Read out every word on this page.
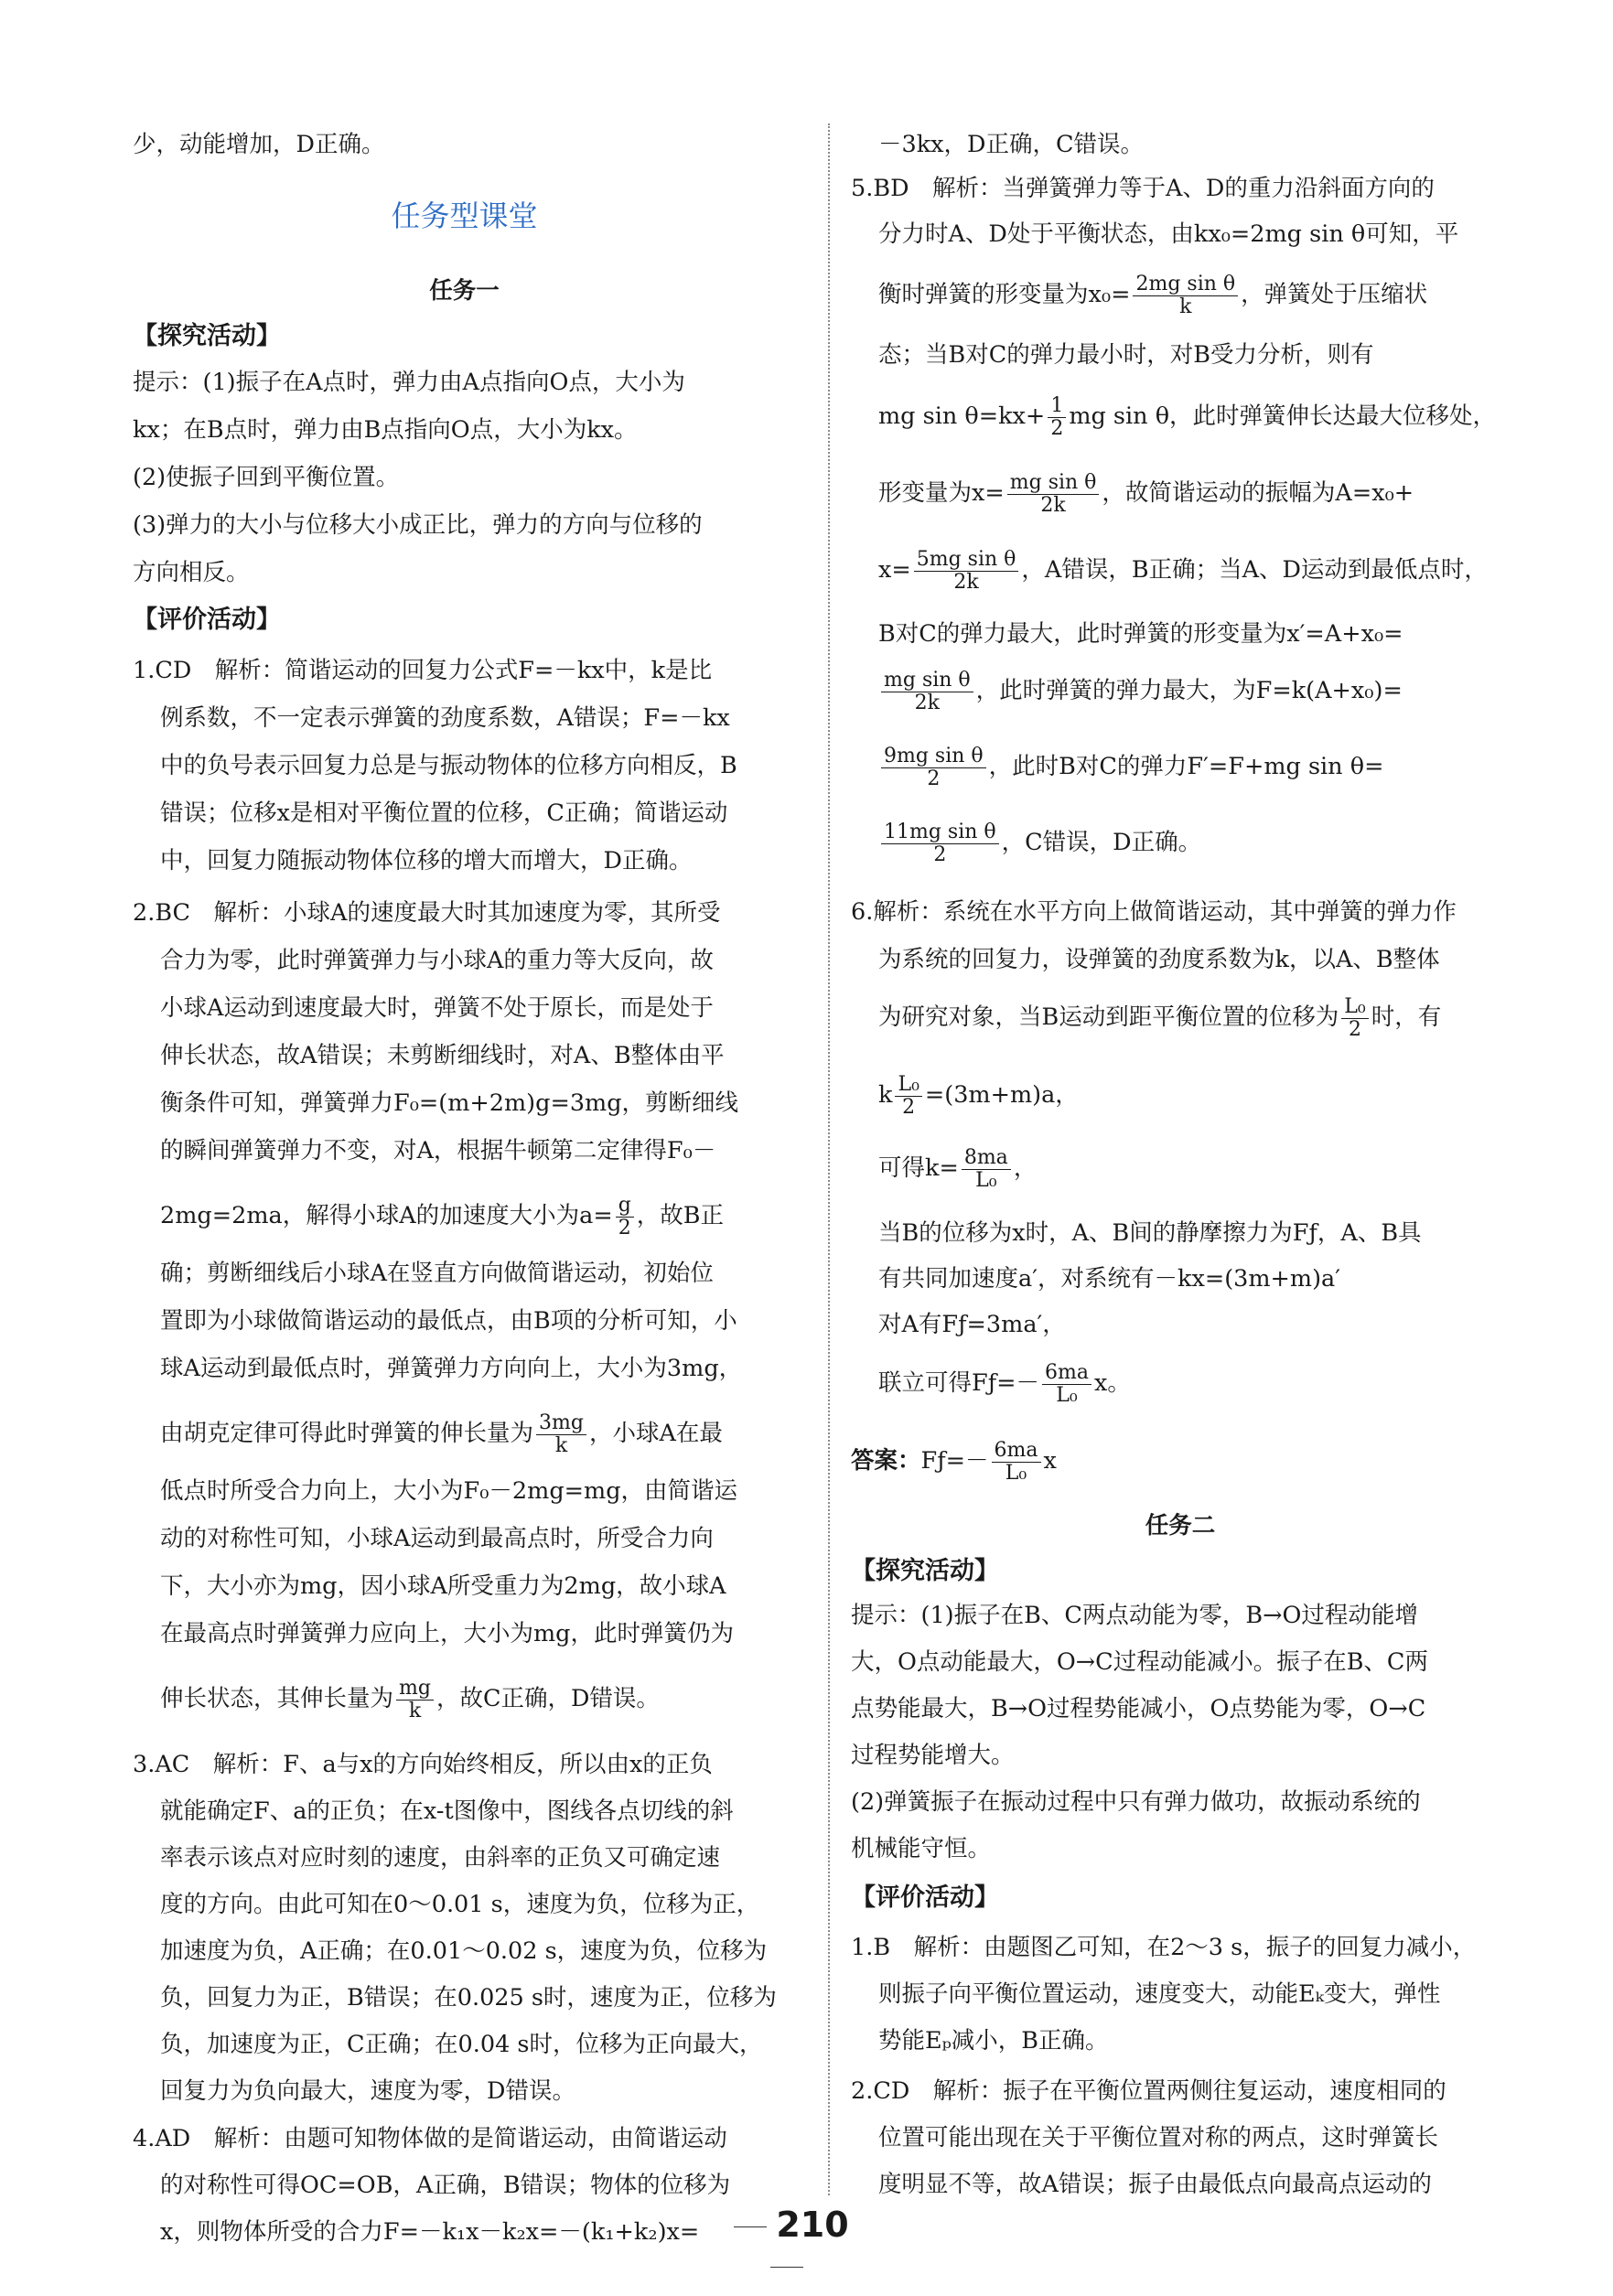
少，动能增加，D正确。
任务型课堂
任务一
【探究活动】
提示：(1)振子在A点时，弹力由A点指向O点，大小为
kx；在B点时，弹力由B点指向O点，大小为kx。
(2)使振子回到平衡位置。
(3)弹力的大小与位移大小成正比，弹力的方向与位移的
方向相反。
【评价活动】
1.CD　解析：简谐运动的回复力公式F=－kx中，k是比
例系数，不一定表示弹簧的劲度系数，A错误；F=－kx
中的负号表示回复力总是与振动物体的位移方向相反，B
错误；位移x是相对平衡位置的位移，C正确；简谐运动
中，回复力随振动物体位移的增大而增大，D正确。
2.BC　解析：小球A的速度最大时其加速度为零，其所受
合力为零，此时弹簧弹力与小球A的重力等大反向，故
小球A运动到速度最大时，弹簧不处于原长，而是处于
伸长状态，故A错误；未剪断细线时，对A、B整体由平
衡条件可知，弹簧弹力F₀=(m+2m)g=3mg，剪断细线
的瞬间弹簧弹力不变，对A，根据牛顿第二定律得F₀－
2mg=2ma，解得小球A的加速度大小为$a= \frac{g}{2}$ ，故B正
确；剪断细线后小球A在竖直方向做简谐运动，初始位
置即为小球做简谐运动的最低点，由B项的分析可知，小
球A运动到最低点时，弹簧弹力方向向上，大小为3mg，
由胡克定律可得此时弹簧的伸长量为 $\frac{3mg}{k}$ ，小球A在最
低点时所受合力向上，大小为F₀－2mg=mg，由简谐运
动的对称性可知，小球A运动到最高点时，所受合力向
下，大小亦为mg，因小球A所受重力为2mg，故小球A
在最高点时弹簧弹力应向上，大小为mg，此时弹簧仍为
伸长状态，其伸长量为 $\frac{mg}{k}$ ，故C正确，D错误。
3.AC　解析：F、a与x的方向始终相反，所以由x的正负
就能确定F、a的正负；在x-t图像中，图线各点切线的斜
率表示该点对应时刻的速度，由斜率的正负又可确定速
度的方向。由此可知在0～0.01 s，速度为负，位移为正，
加速度为负，A正确；在0.01～0.02 s，速度为负，位移为
负，回复力为正，B错误；在0.025 s时，速度为正，位移为
负，加速度为正，C正确；在0.04 s时，位移为正向最大，
回复力为负向最大，速度为零，D错误。
4.AD　解析：由题可知物体做的是简谐运动，由简谐运动
的对称性可得OC=OB，A正确，B错误；物体的位移为
x，则物体所受的合力F=－k₁x－k₂x=－(k₁+k₂)x=
－3kx，D正确，C错误。
5.BD　解析：当弹簧弹力等于A、D的重力沿斜面方向的
分力时A、D处于平衡状态，由kx₀=2mg sin θ可知，平
衡时弹簧的形变量为$x_0= \frac{\text{2mg sin θ}}{k}$ ，弹簧处于压缩状
态；当B对C的弹力最小时，对B受力分析，则有
mg $\sin \theta=kx+ \frac{1}{2}$ mg sin θ，此时弹簧伸长达最大位移处，
形变量为$x= \frac{\text{mg sin θ}}{2k}$ ，故简谐运动的振幅为A=x₀+
$x= \frac{\text{5mg sin θ}}{2k}$ ，A错误，B正确；当A、D运动到最低点时，
B对C的弹力最大，此时弹簧的形变量为x′=A+x₀=
$\frac{\text{mg sin θ}}{2k}$ ，此时弹簧的弹力最大，为F=k(A+x₀)=
$\frac{\text{9mg sin θ}}{2}$ ，此时B对C的弹力F′=F+mg sin θ=
$\frac{\text{11mg sin θ}}{2}$ ，C错误，D正确。
6.解析：系统在水平方向上做简谐运动，其中弹簧的弹力作
为系统的回复力，设弹簧的劲度系数为k，以A、B整体
为研究对象，当B运动到距平衡位置的位移为 $\frac{\text{L₀}}{2}$ 时，有
k $\frac{\text{L₀}}{2} =(3m+m)a$，
可得$k= \frac{8ma}{\text{L₀}}$ ，
当B的位移为x时，A、B间的静摩擦力为Fƒ，A、B具
有共同加速度a′，对系统有－kx=(3m+m)a′
对A有Fƒ=3ma′，
联立可得Fƒ=－ $\frac{6ma}{\text{L₀}}$ x。
答案：Fƒ=－ $\frac{6ma}{\text{L₀}}$ x
任务二
【探究活动】
提示：(1)振子在B、C两点动能为零，B→O过程动能增
大，O点动能最大，O→C过程动能减小。振子在B、C两
点势能最大，B→O过程势能减小，O点势能为零，O→C
过程势能增大。
(2)弹簧振子在振动过程中只有弹力做功，故振动系统的
机械能守恒。
【评价活动】
1.B　解析：由题图乙可知，在2～3 s，振子的回复力减小，
则振子向平衡位置运动，速度变大，动能Eₖ变大，弹性
势能Eₚ减小，B正确。
2.CD　解析：振子在平衡位置两侧往复运动，速度相同的
位置可能出现在关于平衡位置对称的两点，这时弹簧长
度明显不等，故A错误；振子由最低点向最高点运动的
210
